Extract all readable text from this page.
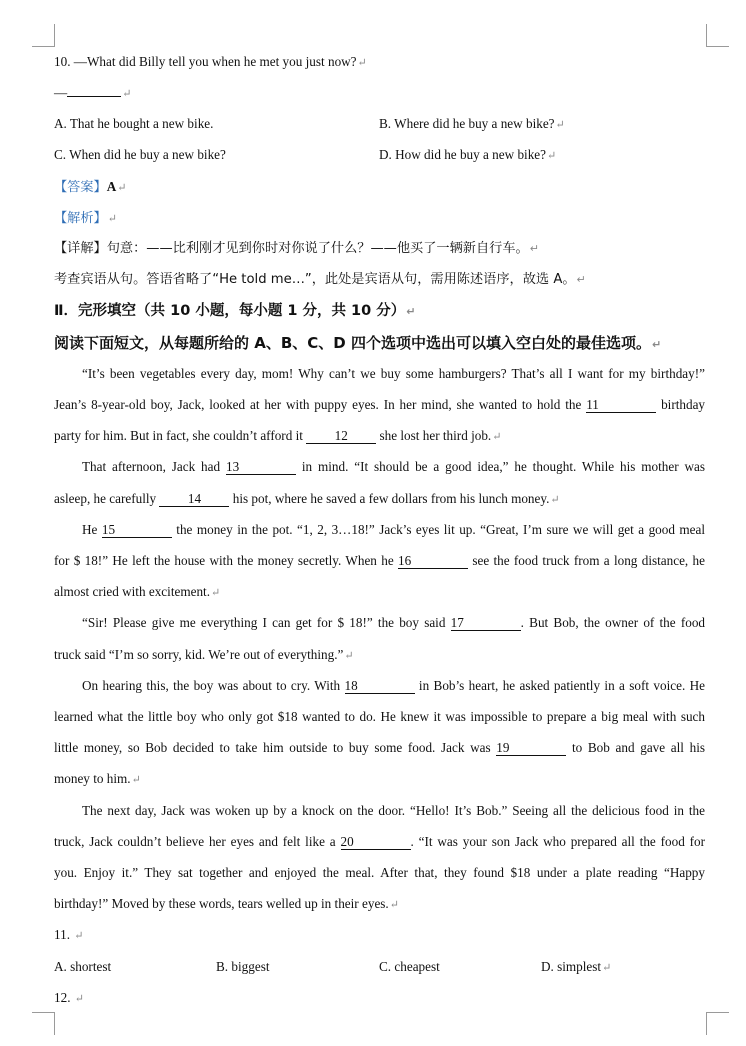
10. —What did Billy tell you when he met you just now?↵
—	↵
A. That he bought a new bike.	B. Where did he buy a new bike?↵
C. When did he buy a new bike?	D. How did he buy a new bike?↵
【答案】A↵
【解析】↵
【详解】句意：——比利刚才见到你时对你说了什么？——他买了一辆新自行车。↵
考查宾语从句。答语省略了“He told me…”，此处是宾语从句，需用陈述语序，故选 A。↵
Ⅱ．完形填空（共 10 小题，每小题 1 分，共 10 分）↵
阅读下面短文，从每题所给的 A、B、C、D 四个选项中选出可以填入空白处的最佳选项。↵
“It’s been vegetables every day, mom! Why can’t we buy some hamburgers? That’s all I want for my birthday!”
Jean’s 8-year-old boy, Jack, looked at her with puppy eyes. In her mind, she wanted to hold the 11	birthday
party for him. But in fact, she couldn’t afford it 12 she lost her third job.↵
That afternoon, Jack had 13	in mind. “It should be a good idea,” he thought. While his mother was
asleep, he carefully 14 his pot, where he saved a few dollars from his lunch money.↵
He 15	the money in the pot. “1, 2, 3…18!” Jack’s eyes lit up. “Great, I’m sure we will get a good meal
for $ 18!” He left the house with the money secretly. When he 16	see the food truck from a long distance, he
almost cried with excitement.↵
“Sir! Please give me everything I can get for $ 18!” the boy said 17	. But Bob, the owner of the food
truck said “I’m so sorry, kid. We’re out of everything.”↵
On hearing this, the boy was about to cry. With 18	in Bob’s heart, he asked patiently in a soft voice. He
learned what the little boy who only got $18 wanted to do. He knew it was impossible to prepare a big meal with such
little money, so Bob decided to take him outside to buy some food. Jack was 19	to Bob and gave all his
money to him.↵
The next day, Jack was woken up by a knock on the door. “Hello! It’s Bob.” Seeing all the delicious food in the
truck, Jack couldn’t believe her eyes and felt like a 20	. “It was your son Jack who prepared all the food for
you. Enjoy it.” They sat together and enjoyed the meal. After that, they found $18 under a plate reading “Happy
birthday!” Moved by these words, tears welled up in their eyes.↵
11. ↵
A. shortest	B. biggest	C. cheapest	D. simplest↵
12. ↵
